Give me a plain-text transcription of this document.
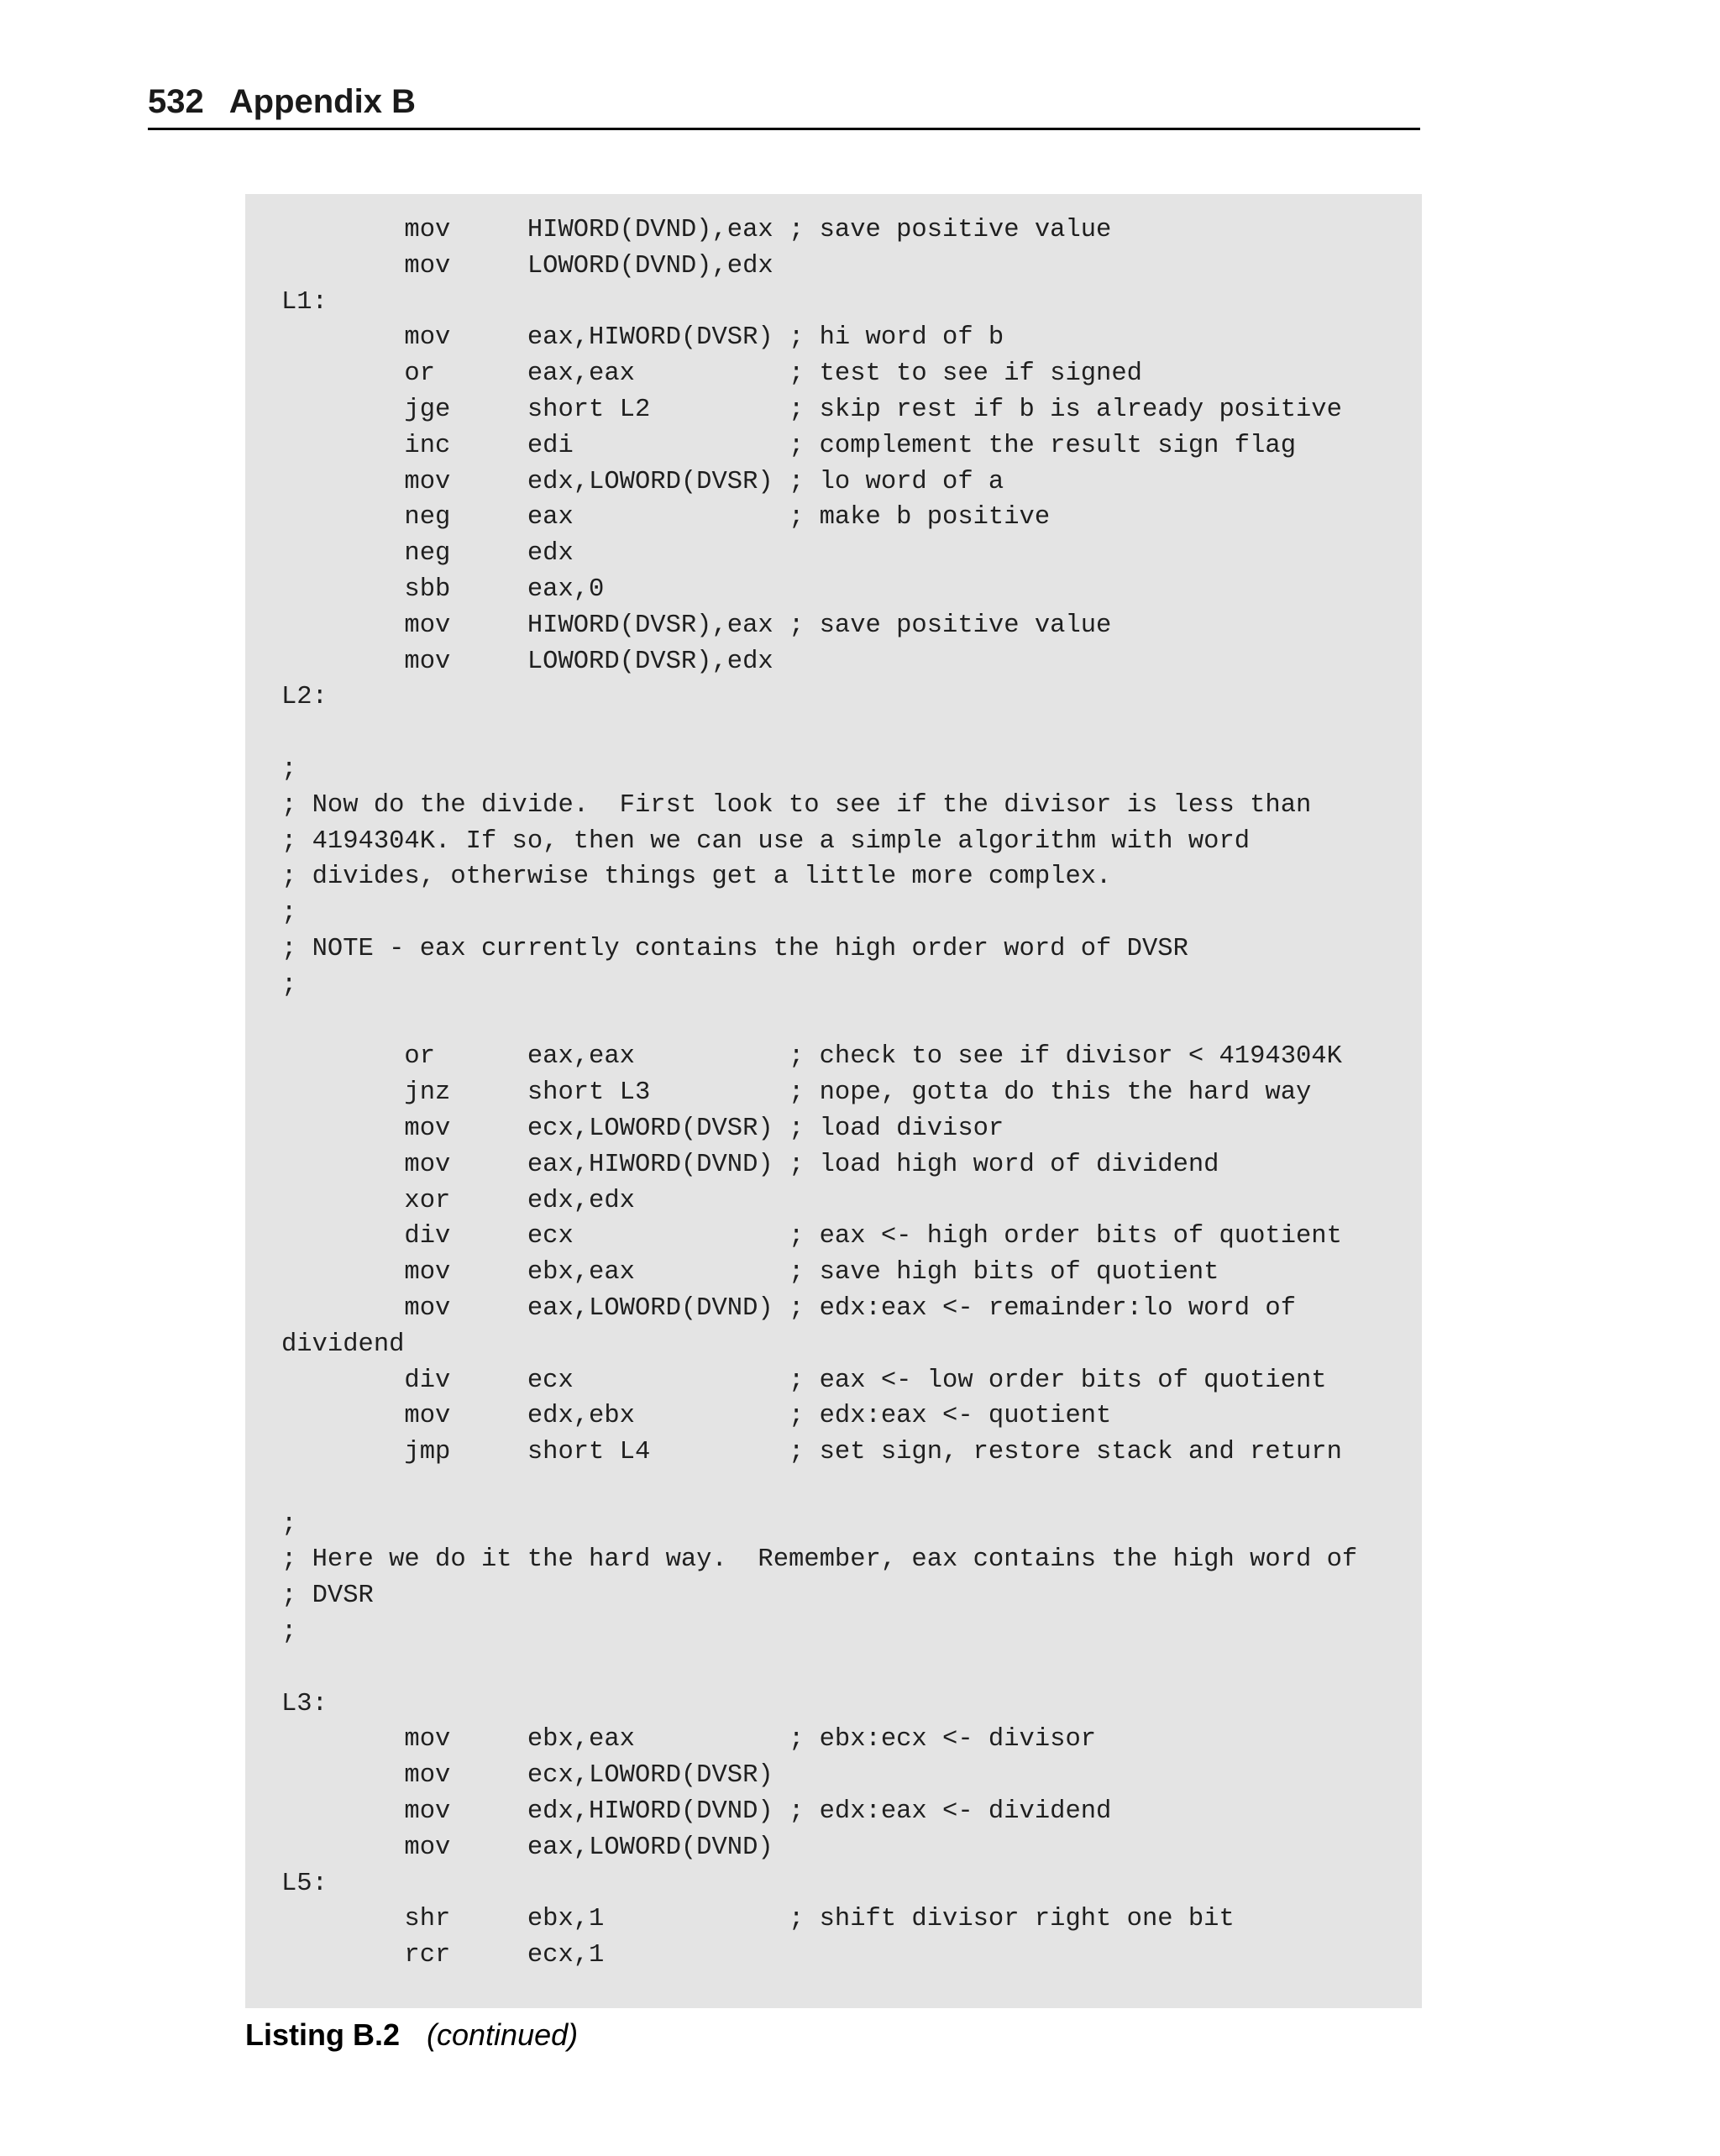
532 Appendix B
mov     HIWORD(DVND),eax ; save positive value
mov     LOWORD(DVND),edx
L1:
mov     eax,HIWORD(DVSR) ; hi word of b
or      eax,eax          ; test to see if signed
jge     short L2         ; skip rest if b is already positive
inc     edi              ; complement the result sign flag
mov     edx,LOWORD(DVSR) ; lo word of a
neg     eax              ; make b positive
neg     edx
sbb     eax,0
mov     HIWORD(DVSR),eax ; save positive value
mov     LOWORD(DVSR),edx
L2:
;
; Now do the divide.  First look to see if the divisor is less than
; 4194304K. If so, then we can use a simple algorithm with word
; divides, otherwise things get a little more complex.
;
; NOTE - eax currently contains the high order word of DVSR
;
or      eax,eax          ; check to see if divisor < 4194304K
jnz     short L3         ; nope, gotta do this the hard way
mov     ecx,LOWORD(DVSR) ; load divisor
mov     eax,HIWORD(DVND) ; load high word of dividend
xor     edx,edx
div     ecx              ; eax <- high order bits of quotient
mov     ebx,eax          ; save high bits of quotient
mov     eax,LOWORD(DVND) ; edx:eax <- remainder:lo word of
dividend
div     ecx              ; eax <- low order bits of quotient
mov     edx,ebx          ; edx:eax <- quotient
jmp     short L4         ; set sign, restore stack and return
;
; Here we do it the hard way.  Remember, eax contains the high word of
; DVSR
;
L3:
mov     ebx,eax          ; ebx:ecx <- divisor
mov     ecx,LOWORD(DVSR)
mov     edx,HIWORD(DVND) ; edx:eax <- dividend
mov     eax,LOWORD(DVND)
L5:
shr     ebx,1            ; shift divisor right one bit
rcr     ecx,1
Listing B.2 (continued)
